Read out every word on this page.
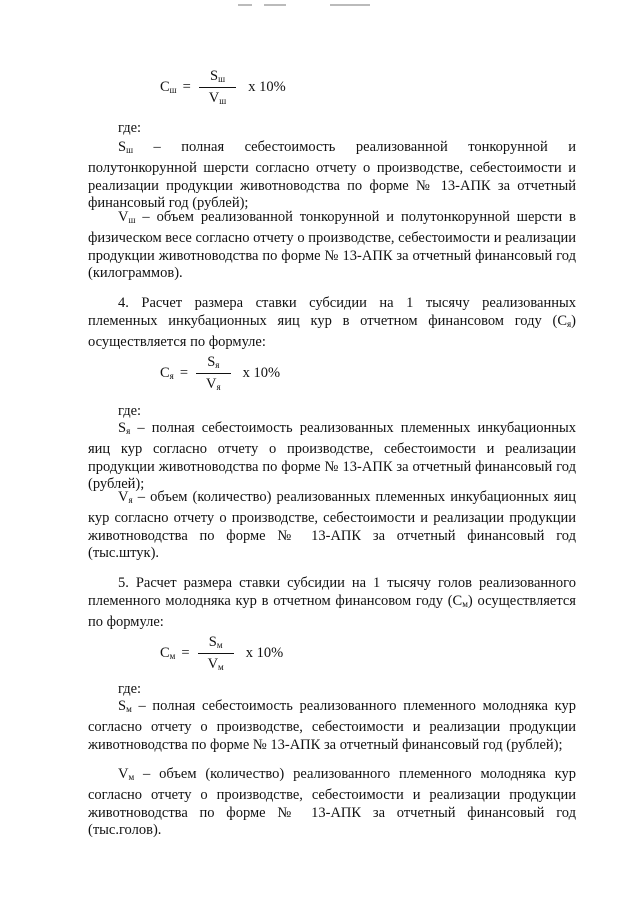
$C_ш = \frac{S_ш}{V_ш}$ x 10%
где:

$S_ш$ – полная себестоимость реализованной тонкорунной и полутонкорунной шерсти согласно отчету о производстве, себестоимости и реализации продукции животноводства по форме № 13-АПК за отчетный финансовый год (рублей);

$V_ш$ – объем реализованной тонкорунной и полутонкорунной шерсти в физическом весе согласно отчету о производстве, себестоимости и реализации продукции животноводства по форме № 13-АПК за отчетный финансовый год (килограммов).

4. Расчет размера ставки субсидии на 1 тысячу реализованных племенных инкубационных яиц кур в отчетном финансовом году $(C_я)$ осуществляется по формуле:

$C_я = \frac{S_я}{V_я}$ x 10%
где:

$S_я$ – полная себестоимость реализованных племенных инкубационных яиц кур согласно отчету о производстве, себестоимости и реализации продукции животноводства по форме № 13-АПК за отчетный финансовый год (рублей);

$V_я$ – объем (количество) реализованных племенных инкубационных яиц кур согласно отчету о производстве, себестоимости и реализации продукции животноводства по форме № 13-АПК за отчетный финансовый год (тыс.штук).

5. Расчет размера ставки субсидии на 1 тысячу голов реализованного племенного молодняка кур в отчетном финансовом году $(C_м)$ осуществляется по формуле:

$C_м = \frac{S_м}{V_м}$ x 10%
где:

$S_м$ – полная себестоимость реализованного племенного молодняка кур согласно отчету о производстве, себестоимости и реализации продукции животноводства по форме № 13-АПК за отчетный финансовый год (рублей);

$V_м$ – объем (количество) реализованного племенного молодняка кур согласно отчету о производстве, себестоимости и реализации продукции животноводства по форме № 13-АПК за отчетный финансовый год (тыс.голов).
